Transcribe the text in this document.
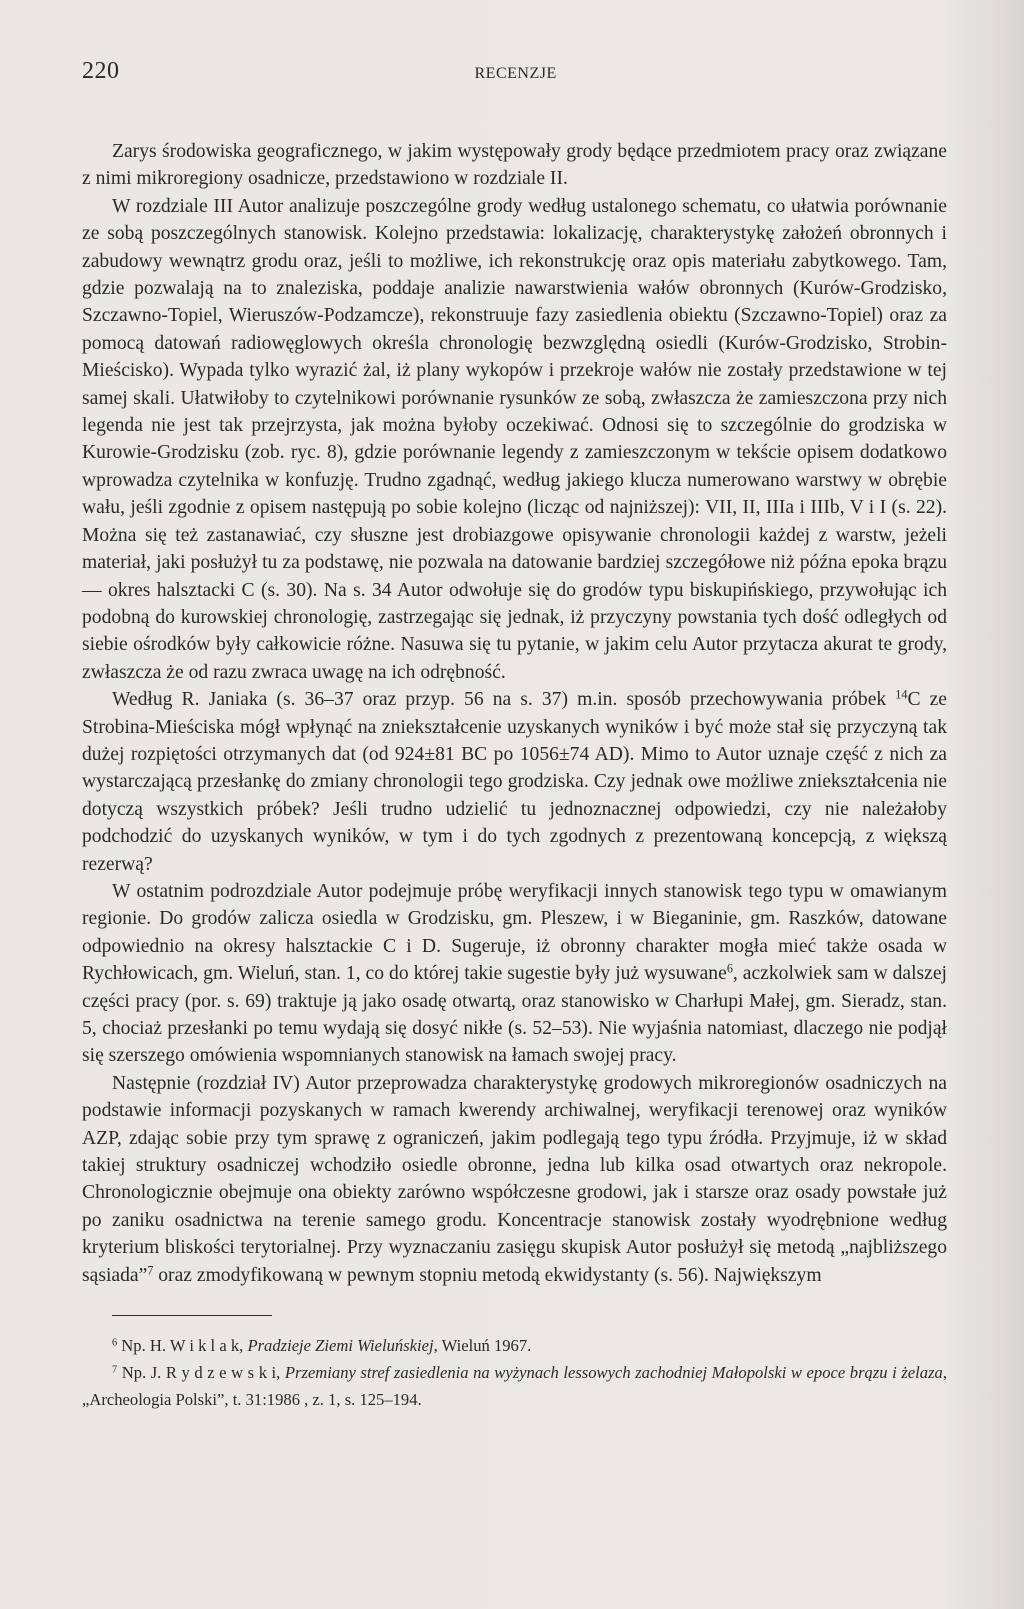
220	RECENZJE

Zarys środowiska geograficznego, w jakim występowały grody będące przedmiotem pracy oraz związane z nimi mikroregiony osadnicze, przedstawiono w rozdziale II.

W rozdziale III Autor analizuje poszczególne grody według ustalonego schematu, co ułatwia porównanie ze sobą poszczególnych stanowisk. Kolejno przedstawia: lokalizację, charakterystykę założeń obronnych i zabudowy wewnątrz grodu oraz, jeśli to możliwe, ich rekonstrukcję oraz opis materiału zabytkowego. Tam, gdzie pozwalają na to znaleziska, poddaje analizie nawarstwienia wałów obronnych (Kurów-Grodzisko, Szczawno-Topiel, Wieruszów-Podzamcze), rekonstruuje fazy zasiedlenia obiektu (Szczawno-Topiel) oraz za pomocą datowań radiowęglowych określa chronologię bezwzględną osiedli (Kurów-Grodzisko, Strobin-Mieścisko). Wypada tylko wyrazić żal, iż plany wykopów i przekroje wałów nie zostały przedstawione w tej samej skali. Ułatwiłoby to czytelnikowi porównanie rysunków ze sobą, zwłaszcza że zamieszczona przy nich legenda nie jest tak przejrzysta, jak można byłoby oczekiwać. Odnosi się to szczególnie do grodziska w Kurowie-Grodzisku (zob. ryc. 8), gdzie porównanie legendy z zamieszczonym w tekście opisem dodatkowo wprowadza czytelnika w konfuzję. Trudno zgadnąć, według jakiego klucza numerowano warstwy w obrębie wału, jeśli zgodnie z opisem następują po sobie kolejno (licząc od najniższej): VII, II, IIIa i IIIb, V i I (s. 22). Można się też zastanawiać, czy słuszne jest drobiazgowe opisywanie chronologii każdej z warstw, jeżeli materiał, jaki posłużył tu za podstawę, nie pozwala na datowanie bardziej szczegółowe niż późna epoka brązu — okres halsztacki C (s. 30). Na s. 34 Autor odwołuje się do grodów typu biskupińskiego, przywołując ich podobną do kurowskiej chronologię, zastrzegając się jednak, iż przyczyny powstania tych dość odległych od siebie ośrodków były całkowicie różne. Nasuwa się tu pytanie, w jakim celu Autor przytacza akurat te grody, zwłaszcza że od razu zwraca uwagę na ich odrębność.

Według R. Janiaka (s. 36–37 oraz przyp. 56 na s. 37) m.in. sposób przechowywania próbek $^{14}$C ze Strobina-Mieściska mógł wpłynąć na zniekształcenie uzyskanych wyników i być może stał się przyczyną tak dużej rozpiętości otrzymanych dat (od 924±81 BC po 1056±74 AD). Mimo to Autor uznaje część z nich za wystarczającą przesłankę do zmiany chronologii tego grodziska. Czy jednak owe możliwe zniekształcenia nie dotyczą wszystkich próbek? Jeśli trudno udzielić tu jednoznacznej odpowiedzi, czy nie należałoby podchodzić do uzyskanych wyników, w tym i do tych zgodnych z prezentowaną koncepcją, z większą rezerwą?

W ostatnim podrozdziale Autor podejmuje próbę weryfikacji innych stanowisk tego typu w omawianym regionie. Do grodów zalicza osiedla w Grodzisku, gm. Pleszew, i w Bieganinie, gm. Raszków, datowane odpowiednio na okresy halsztackie C i D. Sugeruje, iż obronny charakter mogła mieć także osada w Rychłowicach, gm. Wieluń, stan. 1, co do której takie sugestie były już wysuwane$^6$, aczkolwiek sam w dalszej części pracy (por. s. 69) traktuje ją jako osadę otwartą, oraz stanowisko w Charłupi Małej, gm. Sieradz, stan. 5, chociaż przesłanki po temu wydają się dosyć nikłe (s. 52–53). Nie wyjaśnia natomiast, dlaczego nie podjął się szerszego omówienia wspomnianych stanowisk na łamach swojej pracy.

Następnie (rozdział IV) Autor przeprowadza charakterystykę grodowych mikroregionów osadniczych na podstawie informacji pozyskanych w ramach kwerendy archiwalnej, weryfikacji terenowej oraz wyników AZP, zdając sobie przy tym sprawę z ograniczeń, jakim podlegają tego typu źródła. Przyjmuje, iż w skład takiej struktury osadniczej wchodziło osiedle obronne, jedna lub kilka osad otwartych oraz nekropole. Chronologicznie obejmuje ona obiekty zarówno współczesne grodowi, jak i starsze oraz osady powstałe już po zaniku osadnictwa na terenie samego grodu. Koncentracje stanowisk zostały wyodrębnione według kryterium bliskości terytorialnej. Przy wyznaczaniu zasięgu skupisk Autor posłużył się metodą „najbliższego sąsiada”$^7$ oraz zmodyfikowaną w pewnym stopniu metodą ekwidystanty (s. 56). Największym

$^6$ Np. H. W i k l a k, Pradzieje Ziemi Wieluńskiej, Wieluń 1967.

$^7$ Np. J. R y d z e w s k i, Przemiany stref zasiedlenia na wyżynach lessowych zachodniej Małopolski w epoce brązu i żelaza, „Archeologia Polski”, t. 31:1986 , z. 1, s. 125–194.
